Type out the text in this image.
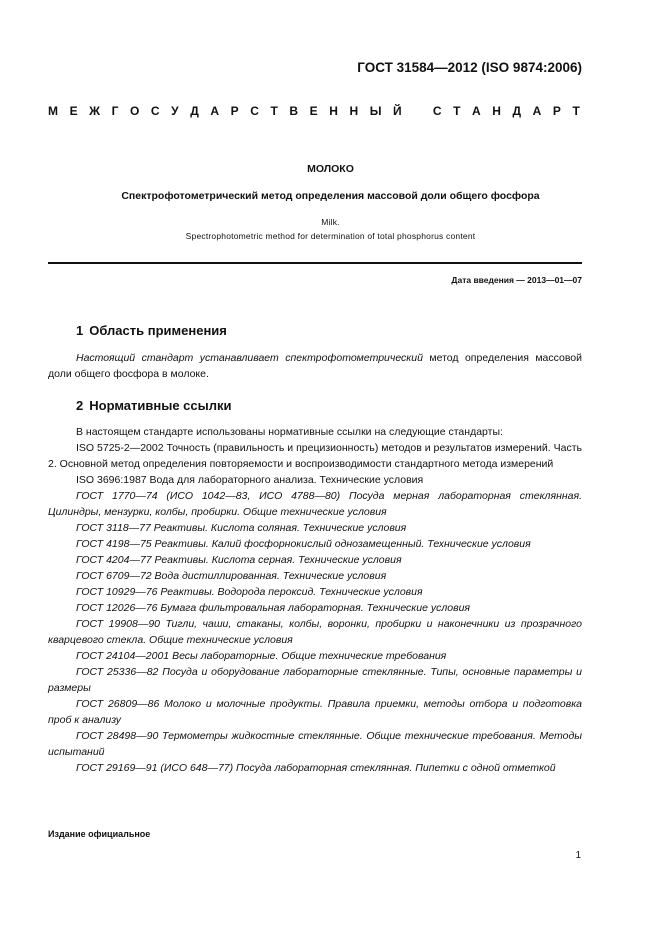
ГОСТ 31584—2012 (ISO 9874:2006)
М Е Ж Г О С У Д А Р С Т В Е Н Н Ы Й	С Т А Н Д А Р Т
МОЛОКО
Спектрофотометрический метод определения массовой доли общего фосфора
Milk.
Spectrophotometric method for determination of total phosphorus content
Дата введения — 2013—01—07
1 Область применения

Настоящий стандарт устанавливает спектрофотометрический метод определения массовой доли общего фосфора в молоке.

2 Нормативные ссылки

В настоящем стандарте использованы нормативные ссылки на следующие стандарты:

ISO 5725-2—2002 Точность (правильность и прецизионность) методов и результатов измерений. Часть 2. Основной метод определения повторяемости и воспроизводимости стандартного метода измерений

ISO 3696:1987 Вода для лабораторного анализа. Технические условия

ГОСТ 1770—74 (ИСО 1042—83, ИСО 4788—80) Посуда мерная лабораторная стеклянная. Цилиндры, мензурки, колбы, пробирки. Общие технические условия

ГОСТ 3118—77 Реактивы. Кислота соляная. Технические условия

ГОСТ 4198—75 Реактивы. Калий фосфорнокислый однозамещенный. Технические условия

ГОСТ 4204—77 Реактивы. Кислота серная. Технические условия

ГОСТ 6709—72 Вода дистиллированная. Технические условия

ГОСТ 10929—76 Реактивы. Водорода пероксид. Технические условия

ГОСТ 12026—76 Бумага фильтровальная лабораторная. Технические условия

ГОСТ 19908—90 Тигли, чаши, стаканы, колбы, воронки, пробирки и наконечники из прозрачного кварцевого стекла. Общие технические условия

ГОСТ 24104—2001 Весы лабораторные. Общие технические требования

ГОСТ 25336—82 Посуда и оборудование лабораторные стеклянные. Типы, основные параметры и размеры

ГОСТ 26809—86 Молоко и молочные продукты. Правила приемки, методы отбора и подготовка проб к анализу

ГОСТ 28498—90 Термометры жидкостные стеклянные. Общие технические требования. Методы испытаний

ГОСТ 29169—91 (ИСО 648—77) Посуда лабораторная стеклянная. Пипетки с одной отметкой

Издание официальное
1
